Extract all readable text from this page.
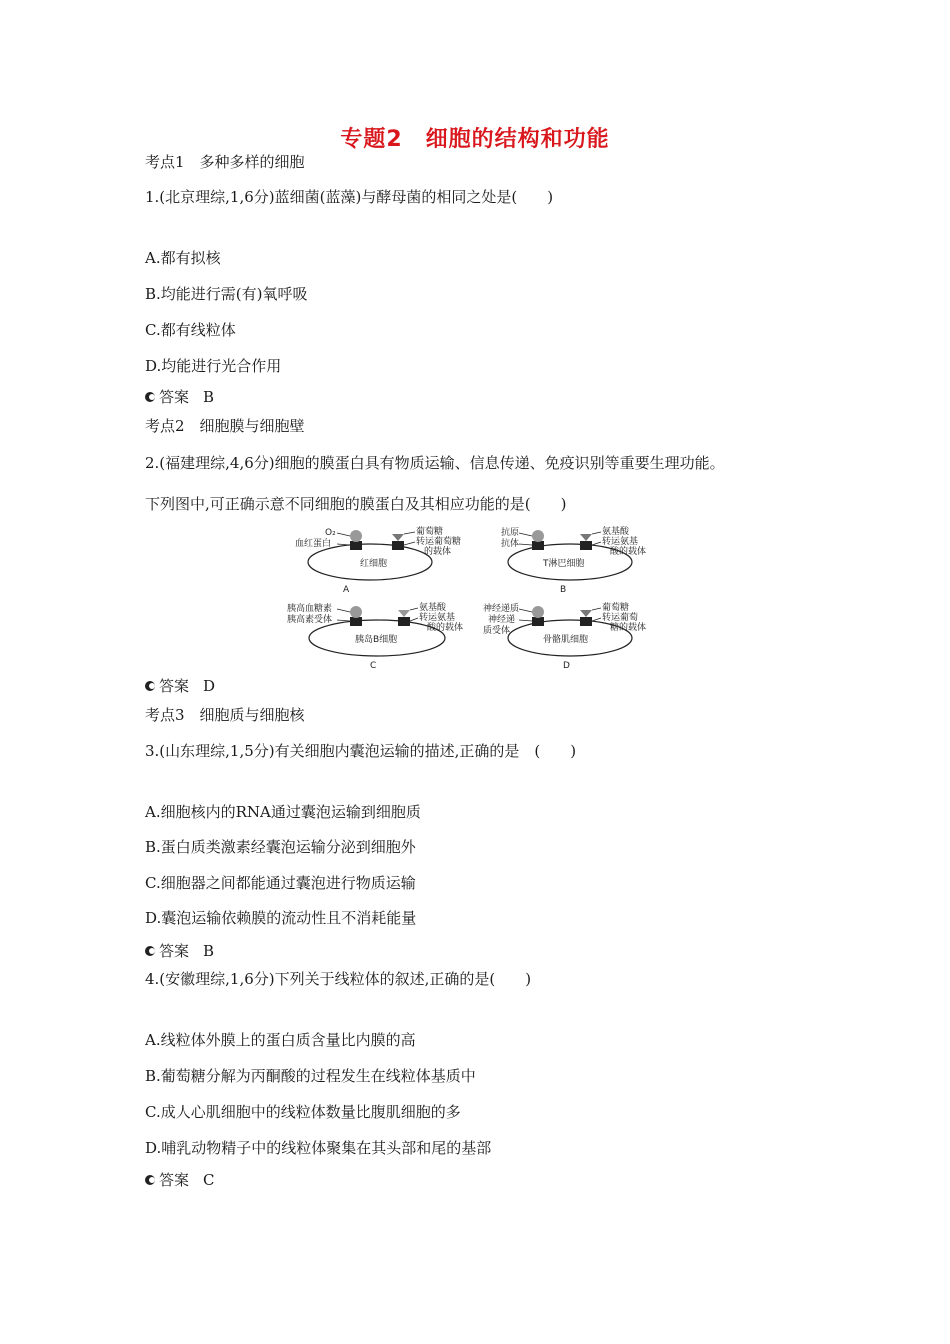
专题2　细胞的结构和功能
考点1　多种多样的细胞
1.(北京理综,1,6分)蓝细菌(蓝藻)与酵母菌的相同之处是(　　)
A.都有拟核
B.均能进行需(有)氧呼吸
C.都有线粒体
D.均能进行光合作用
答案 B
考点2　细胞膜与细胞壁
2.(福建理综,4,6分)细胞的膜蛋白具有物质运输、信息传递、免疫识别等重要生理功能。
下列图中,可正确示意不同细胞的膜蛋白及其相应功能的是(　　)
O₂
血红蛋白
葡萄糖
转运葡萄糖
的载体
红细胞
A
抗原
抗体
氨基酸
转运氨基
酸的载体
T淋巴细胞
B
胰高血糖素
胰高素受体
氨基酸
转运氨基
酸的载体
胰岛B细胞
C
神经递质
神经递
质受体
葡萄糖
转运葡萄
糖的载体
骨骼肌细胞
D
答案 D
考点3　细胞质与细胞核
3.(山东理综,1,5分)有关细胞内囊泡运输的描述,正确的是　(　　)
A.细胞核内的RNA通过囊泡运输到细胞质
B.蛋白质类激素经囊泡运输分泌到细胞外
C.细胞器之间都能通过囊泡进行物质运输
D.囊泡运输依赖膜的流动性且不消耗能量
答案 B
4.(安徽理综,1,6分)下列关于线粒体的叙述,正确的是(　　)
A.线粒体外膜上的蛋白质含量比内膜的高
B.葡萄糖分解为丙酮酸的过程发生在线粒体基质中
C.成人心肌细胞中的线粒体数量比腹肌细胞的多
D.哺乳动物精子中的线粒体聚集在其头部和尾的基部
答案 C
